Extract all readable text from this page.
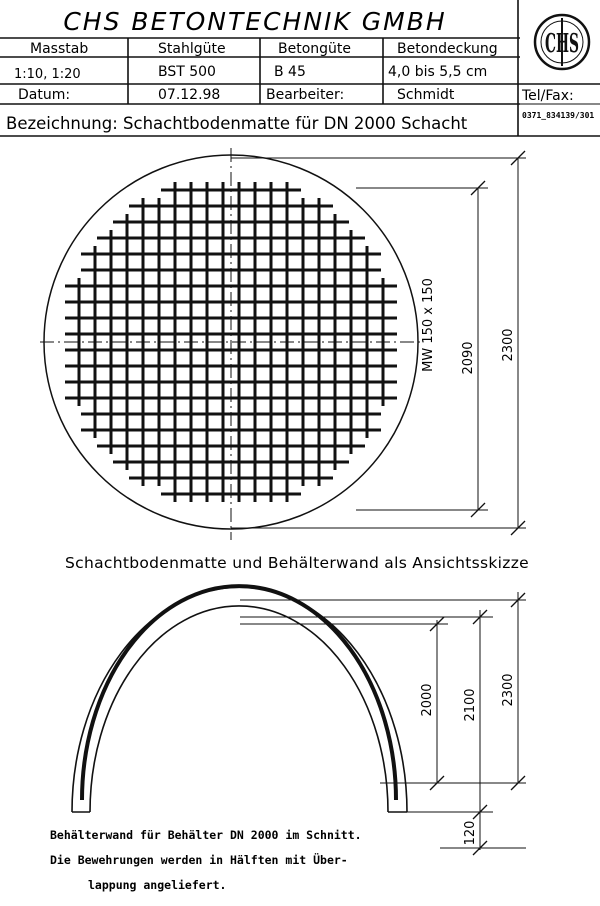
CHS BETONTECHNIK GMBH
Masstab	Stahlgüte	Betongüte	Betondeckung
1:10, 1:20	BST 500	B 45	4,0 bis 5,5 cm
Datum:	07.12.98	Bearbeiter:	Schmidt	Tel/Fax:
0371_834139/301
Bezeichnung: Schachtbodenmatte für DN 2000 Schacht
CHS
2090 2300
MW 150 x 150
Schachtbodenmatte und Behälterwand als Ansichtsskizze
2000 2100 2300
120
Behälterwand für Behälter DN 2000 im Schnitt.
Die Bewehrungen werden in Hälften mit Über-
lappung angeliefert.
